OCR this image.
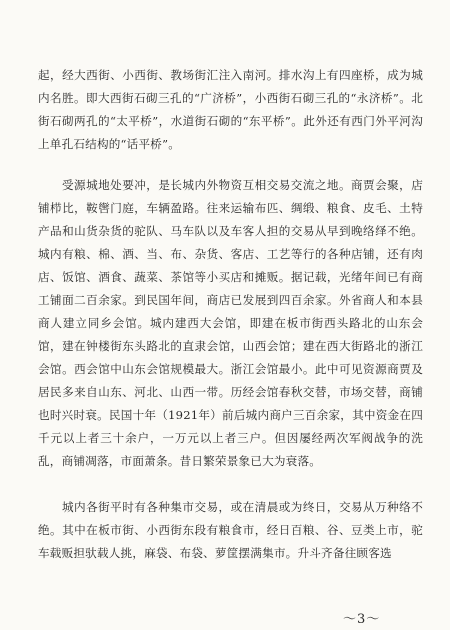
起，经大西街、小西街、教场街汇注入南河。排水沟上有四座桥，成为城内名胜。即大西街石砌三孔的“广济桥”，小西街石砌三孔的“永济桥”。北街石砌两孔的“太平桥”，水道街石砌的“东平桥”。此外还有西门外平河沟上单孔石结构的“话平桥”。

受源城地处要冲，是长城内外物资互相交易交流之地。商贾会聚，店铺栉比，鞍辔门庭，车辆盈路。往来运输布匹、绸缎、粮食、皮毛、土特产品和山货杂货的驼队、马车队以及车客人担的交易从早到晚络绎不绝。城内有粮、棉、酒、当、布、杂货、客店、工艺等行的各种店铺，还有肉店、饭馆、酒食、蔬菜、茶馆等小买店和摊贩。据记载，光绪年间已有商工铺面二百余家。到民国年间，商店已发展到四百余家。外省商人和本县商人建立同乡会馆。城内建西大会馆，即建在板市街西头路北的山东会馆，建在钟楼街东头路北的直隶会馆，山西会馆；建在西大街路北的浙江会馆。西会馆中山东会馆规模最大。浙江会馆最小。此中可见资源商贾及居民多来自山东、河北、山西一带。历经会馆春秋交替，市场交替，商铺也时兴时衰。民国十年（1921年）前后城内商户三百余家，其中资金在四千元以上者三十余户，一万元以上者三户。但因屡经两次军阀战争的洗乱，商铺凋落，市面萧条。昔日繁荣景象已大为衰落。

城内各街平时有各种集市交易，或在清晨或为终日，交易从万种络不绝。其中在板市街、小西街东段有粮食市，经日百粮、谷、豆类上市，驼车载贩担驮载人挑，麻袋、布袋、萝筐摆满集市。升斗齐备往顾客选

～3～
